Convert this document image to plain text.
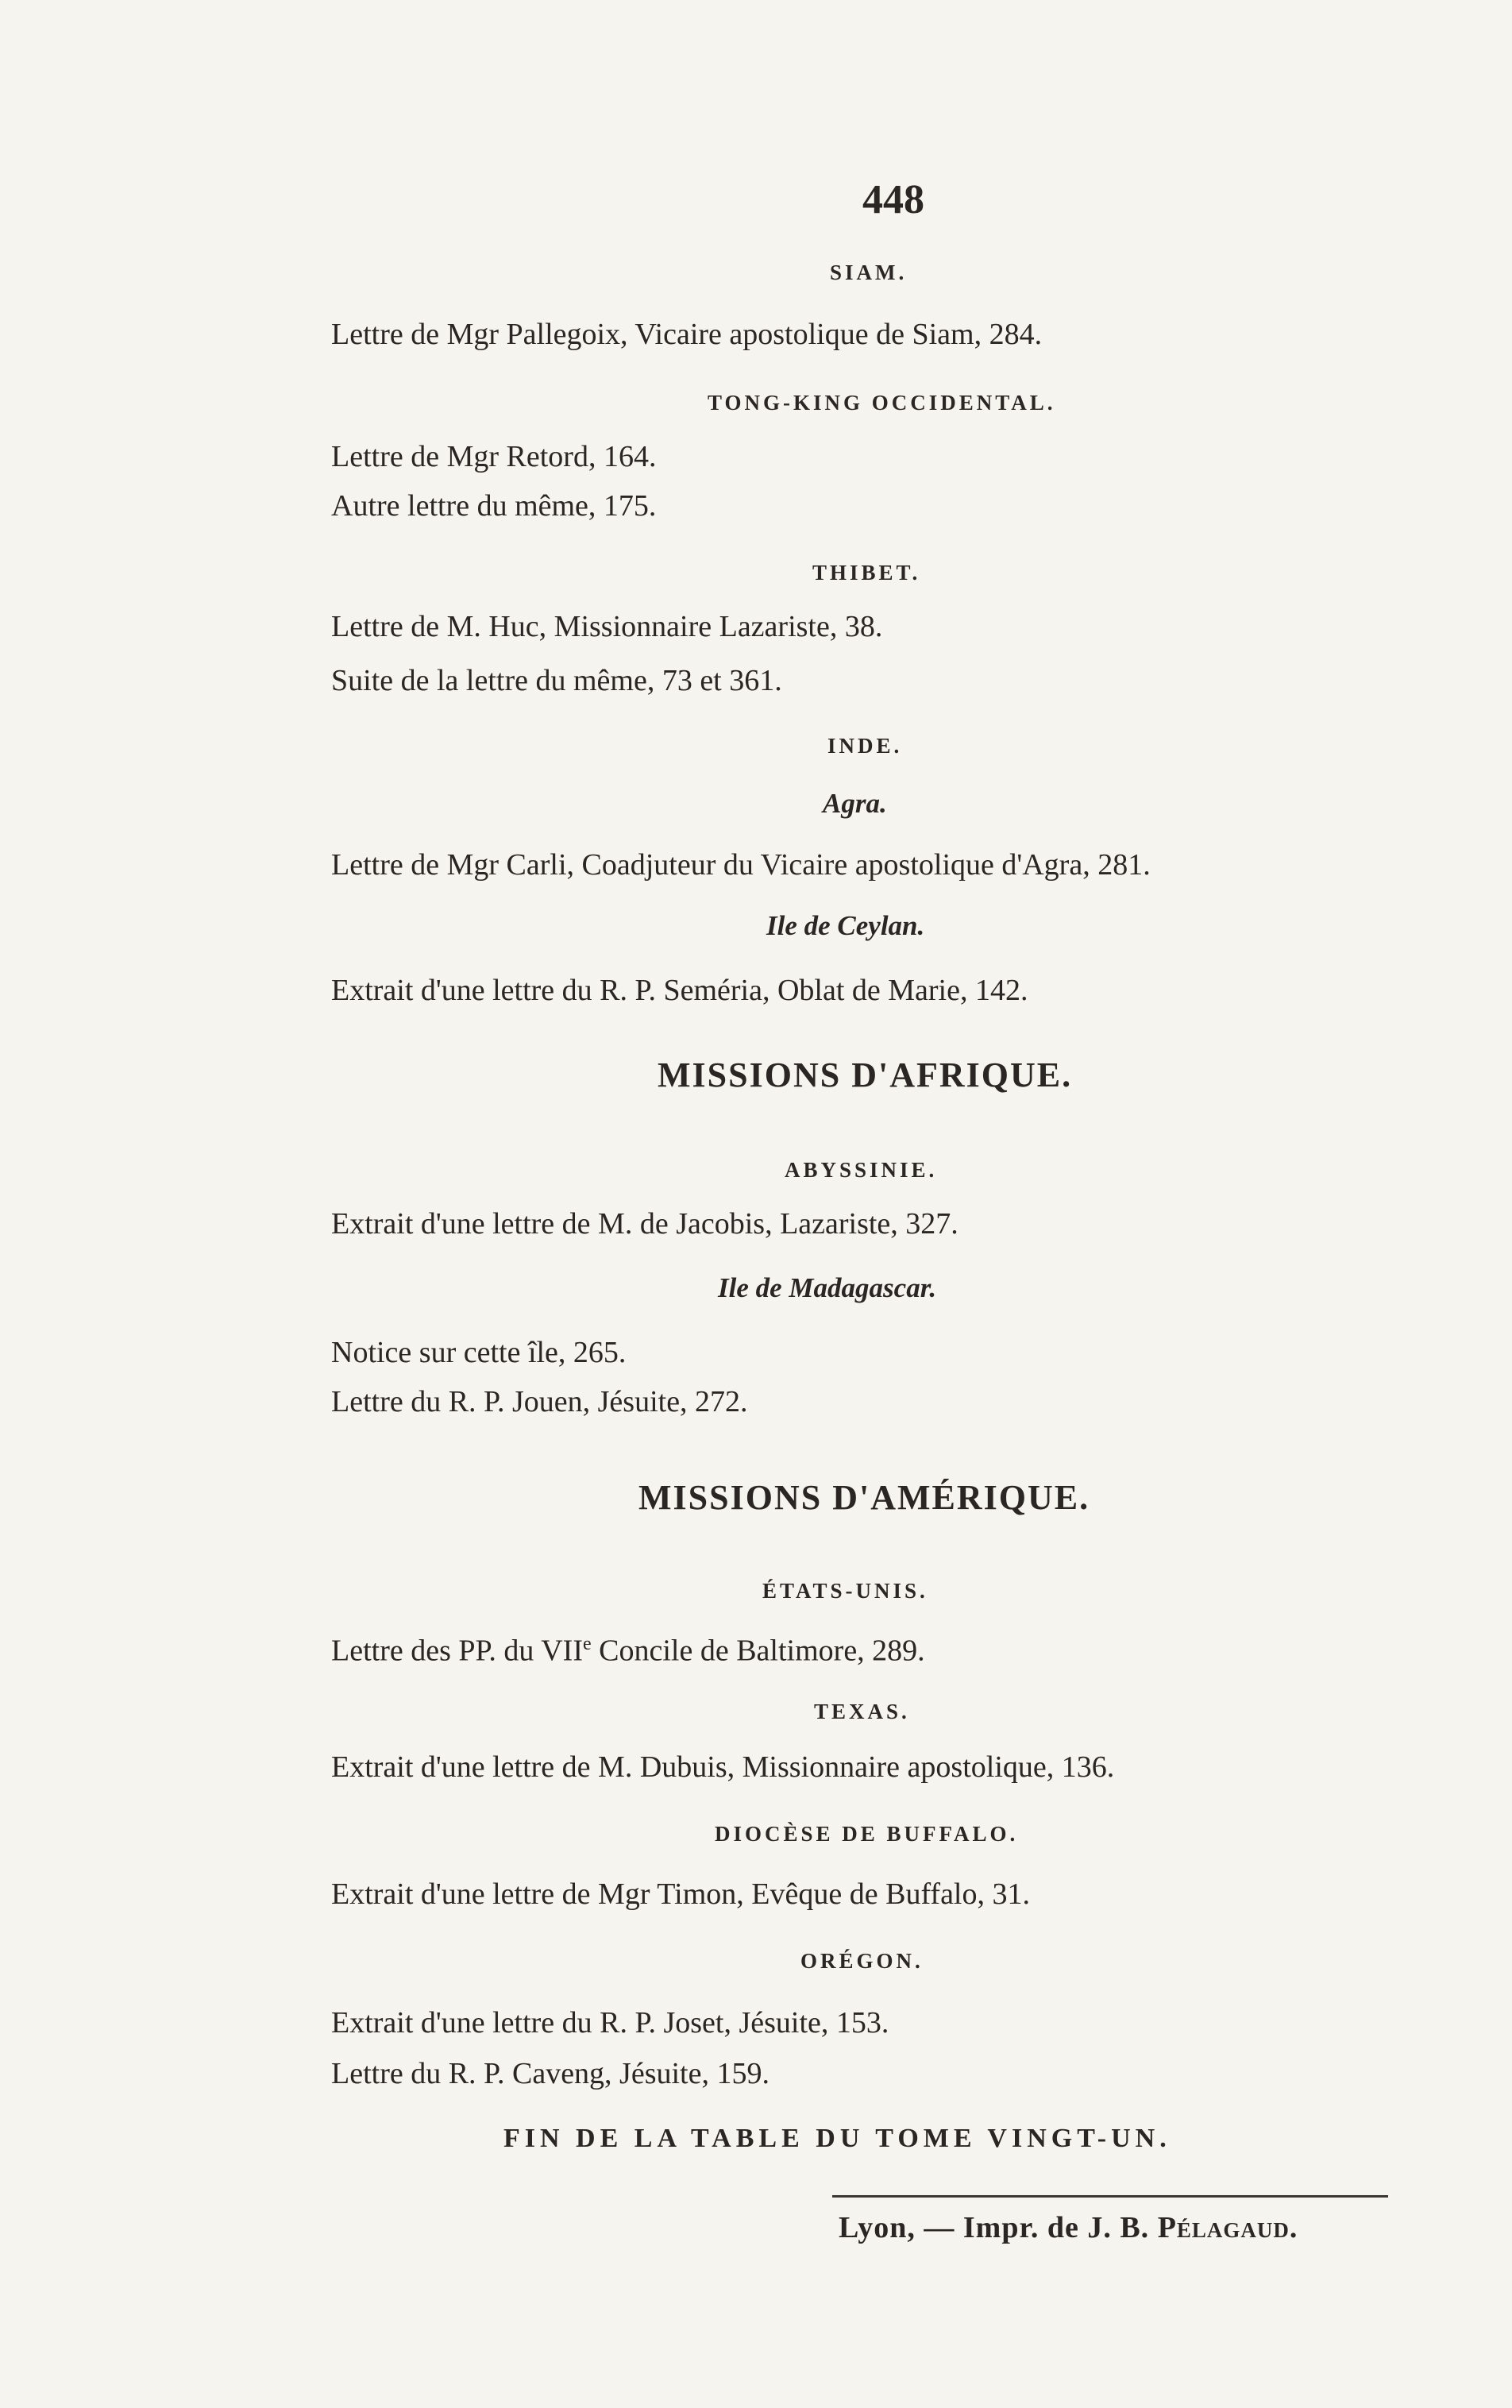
448
SIAM.
Lettre de Mgr Pallegoix, Vicaire apostolique de Siam, 284.
TONG-KING OCCIDENTAL.
Lettre de Mgr Retord, 164.
Autre lettre du même, 175.
THIBET.
Lettre de M. Huc, Missionnaire Lazariste, 38.
Suite de la lettre du même, 73 et 361.
INDE.
Agra.
Lettre de Mgr Carli, Coadjuteur du Vicaire apostolique d'Agra, 281.
Ile de Ceylan.
Extrait d'une lettre du R. P. Seméria, Oblat de Marie, 142.
MISSIONS D'AFRIQUE.
ABYSSINIE.
Extrait d'une lettre de M. de Jacobis, Lazariste, 327.
Ile de Madagascar.
Notice sur cette île, 265.
Lettre du R. P. Jouen, Jésuite, 272.
MISSIONS D'AMÉRIQUE.
ÉTATS-UNIS.
Lettre des PP. du VIIe Concile de Baltimore, 289.
TEXAS.
Extrait d'une lettre de M. Dubuis, Missionnaire apostolique, 136.
DIOCÈSE DE BUFFALO.
Extrait d'une lettre de Mgr Timon, Evêque de Buffalo, 31.
ORÉGON.
Extrait d'une lettre du R. P. Joset, Jésuite, 153.
Lettre du R. P. Caveng, Jésuite, 159.
FIN DE LA TABLE DU TOME VINGT-UN.
Lyon, — Impr. de J. B. Pélagaud.
